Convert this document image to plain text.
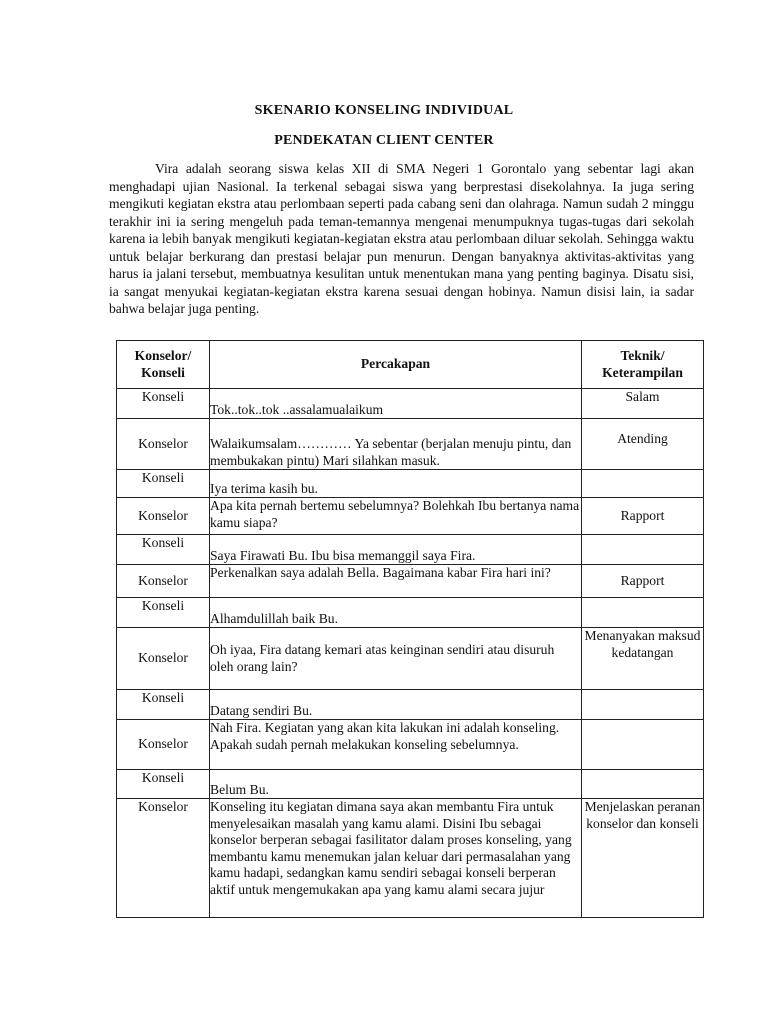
SKENARIO KONSELING INDIVIDUAL
PENDEKATAN CLIENT CENTER

Vira adalah seorang siswa kelas XII di SMA Negeri 1 Gorontalo yang sebentar lagi akan menghadapi ujian Nasional. Ia terkenal sebagai siswa yang berprestasi disekolahnya. Ia juga sering mengikuti kegiatan ekstra atau perlombaan seperti pada cabang seni dan olahraga. Namun sudah 2 minggu terakhir ini ia sering mengeluh pada teman-temannya mengenai menumpuknya tugas-tugas dari sekolah karena ia lebih banyak mengikuti kegiatan-kegiatan ekstra atau perlombaan diluar sekolah. Sehingga waktu untuk belajar berkurang dan prestasi belajar pun menurun. Dengan banyaknya aktivitas-aktivitas yang harus ia jalani tersebut, membuatnya kesulitan untuk menentukan mana yang penting baginya. Disatu sisi, ia sangat menyukai kegiatan-kegiatan ekstra karena sesuai dengan hobinya. Namun disisi lain, ia sadar bahwa belajar juga penting.

Konselor/ Konseli	Percakapan	Teknik/ Keterampilan
Konseli	Tok..tok..tok ..assalamualaikum	Salam
Konselor	Walaikumsalam………… Ya sebentar (berjalan menuju pintu, dan membukakan pintu) Mari silahkan masuk.	Atending
Konseli	Iya terima kasih bu.	
Konselor	Apa kita pernah bertemu sebelumnya? Bolehkah Ibu bertanya nama kamu siapa?	Rapport
Konseli	Saya Firawati Bu. Ibu bisa memanggil saya Fira.	
Konselor	Perkenalkan saya adalah Bella. Bagaimana kabar Fira hari ini?	Rapport
Konseli	Alhamdulillah baik Bu.	
Konselor	Oh iyaa, Fira datang kemari atas keinginan sendiri atau disuruh oleh orang lain?	Menanyakan maksud kedatangan
Konseli	Datang sendiri Bu.	
Konselor	Nah Fira. Kegiatan yang akan kita lakukan ini adalah konseling. Apakah sudah pernah melakukan konseling sebelumnya.	
Konseli	Belum Bu.	
Konselor	Konseling itu kegiatan dimana saya akan membantu Fira untuk menyelesaikan masalah yang kamu alami. Disini Ibu sebagai konselor berperan sebagai fasilitator dalam proses konseling, yang membantu kamu menemukan jalan keluar dari permasalahan yang kamu hadapi, sedangkan kamu sendiri sebagai konseli berperan aktif untuk mengemukakan apa yang kamu alami secara jujur	Menjelaskan peranan konselor dan konseli
